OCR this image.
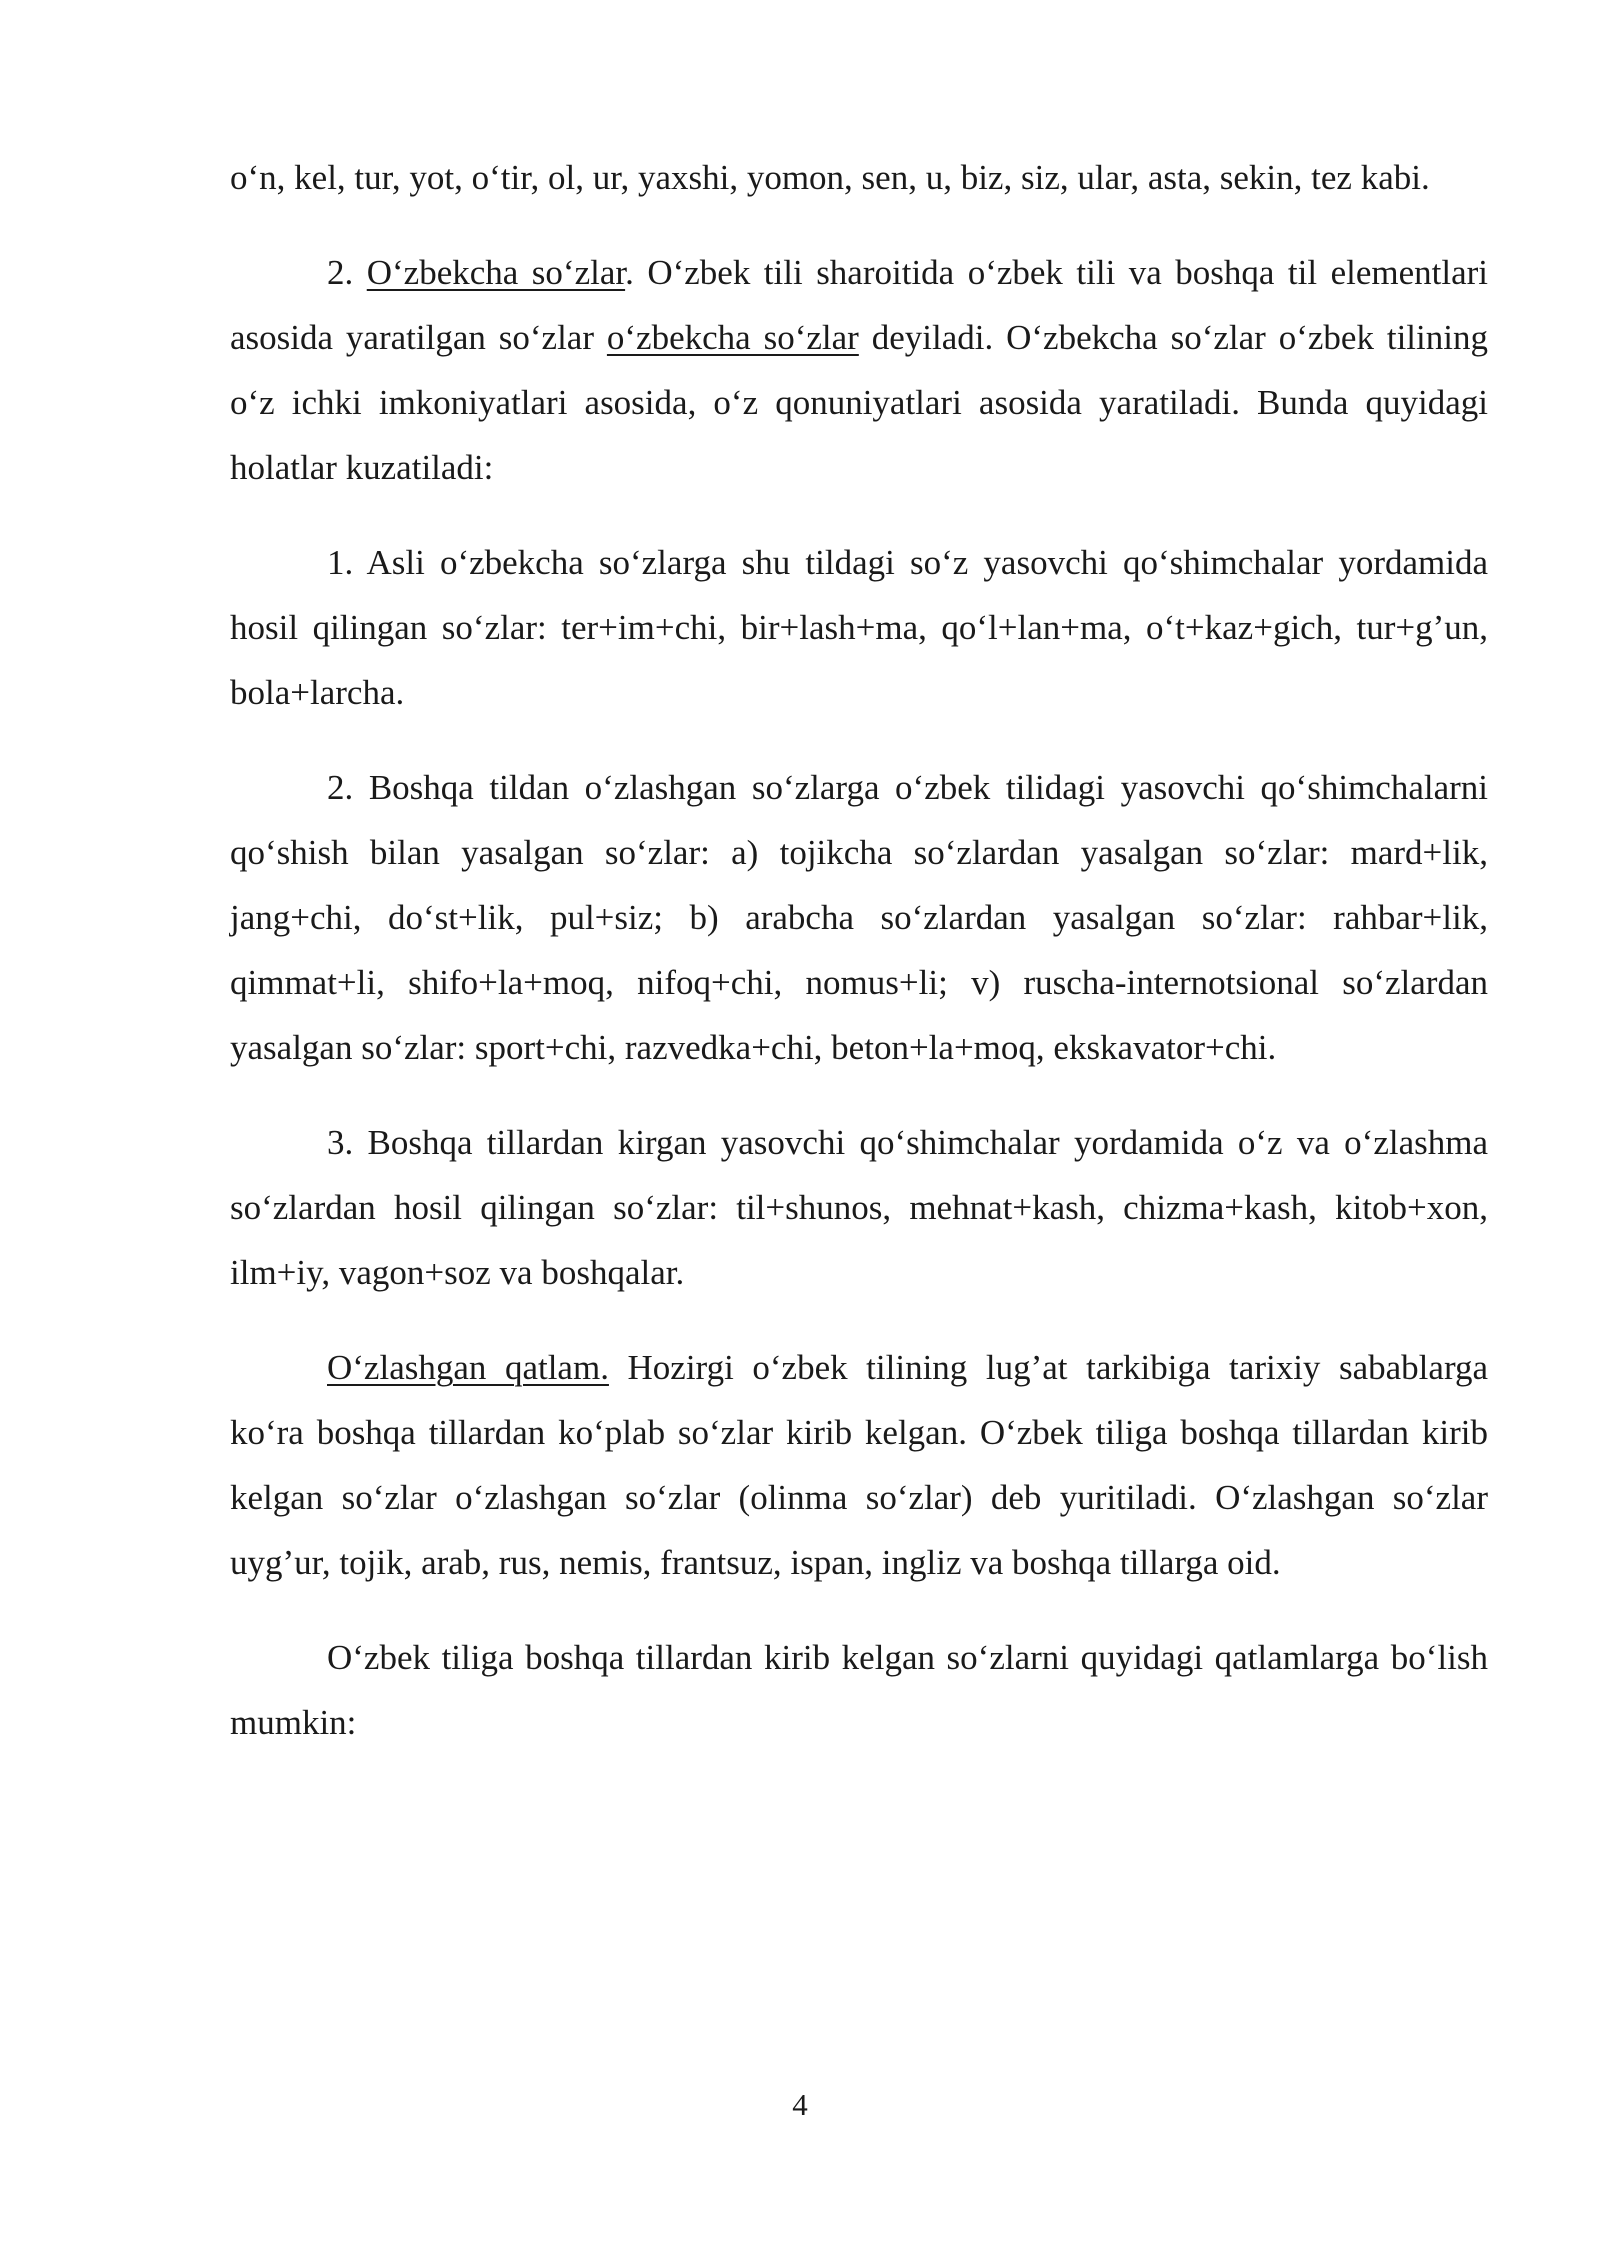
o‘n, kel, tur, yot, o‘tir, ol, ur, yaxshi, yomon, sen, u, biz, siz, ular, asta, sekin, tez kabi.

2. O‘zbekcha so‘zlar. O‘zbek tili sharoitida o‘zbek tili va boshqa til elementlari asosida yaratilgan so‘zlar o‘zbekcha so‘zlar deyiladi. O‘zbekcha so‘zlar o‘zbek tilining o‘z ichki imkoniyatlari asosida, o‘z qonuniyatlari asosida yaratiladi. Bunda quyidagi holatlar kuzatiladi:

1. Asli o‘zbekcha so‘zlarga shu tildagi so‘z yasovchi qo‘shimchalar yordamida hosil qilingan so‘zlar: ter+im+chi, bir+lash+ma, qo‘l+lan+ma, o‘t+kaz+gich, tur+g’un, bola+larcha.

2. Boshqa tildan o‘zlashgan so‘zlarga o‘zbek tilidagi yasovchi qo‘shimchalarni qo‘shish bilan yasalgan so‘zlar: a) tojikcha so‘zlardan yasalgan so‘zlar: mard+lik, jang+chi, do‘st+lik, pul+siz; b) arabcha so‘zlardan yasalgan so‘zlar: rahbar+lik, qimmat+li, shifo+la+moq, nifoq+chi, nomus+li; v) ruscha-internotsional so‘zlardan yasalgan so‘zlar: sport+chi, razvedka+chi, beton+la+moq, ekskavator+chi.

3. Boshqa tillardan kirgan yasovchi qo‘shimchalar yordamida o‘z va o‘zlashma so‘zlardan hosil qilingan so‘zlar: til+shunos, mehnat+kash, chizma+kash, kitob+xon, ilm+iy, vagon+soz va boshqalar.

O‘zlashgan qatlam. Hozirgi o‘zbek tilining lug’at tarkibiga tarixiy sabablarga ko‘ra boshqa tillardan ko‘plab so‘zlar kirib kelgan. O‘zbek tiliga boshqa tillardan kirib kelgan so‘zlar o‘zlashgan so‘zlar (olinma so‘zlar) deb yuritiladi. O‘zlashgan so‘zlar uyg’ur, tojik, arab, rus, nemis, frantsuz, ispan, ingliz va boshqa tillarga oid.

O‘zbek tiliga boshqa tillardan kirib kelgan so‘zlarni quyidagi qatlamlarga bo‘lish mumkin:

4
